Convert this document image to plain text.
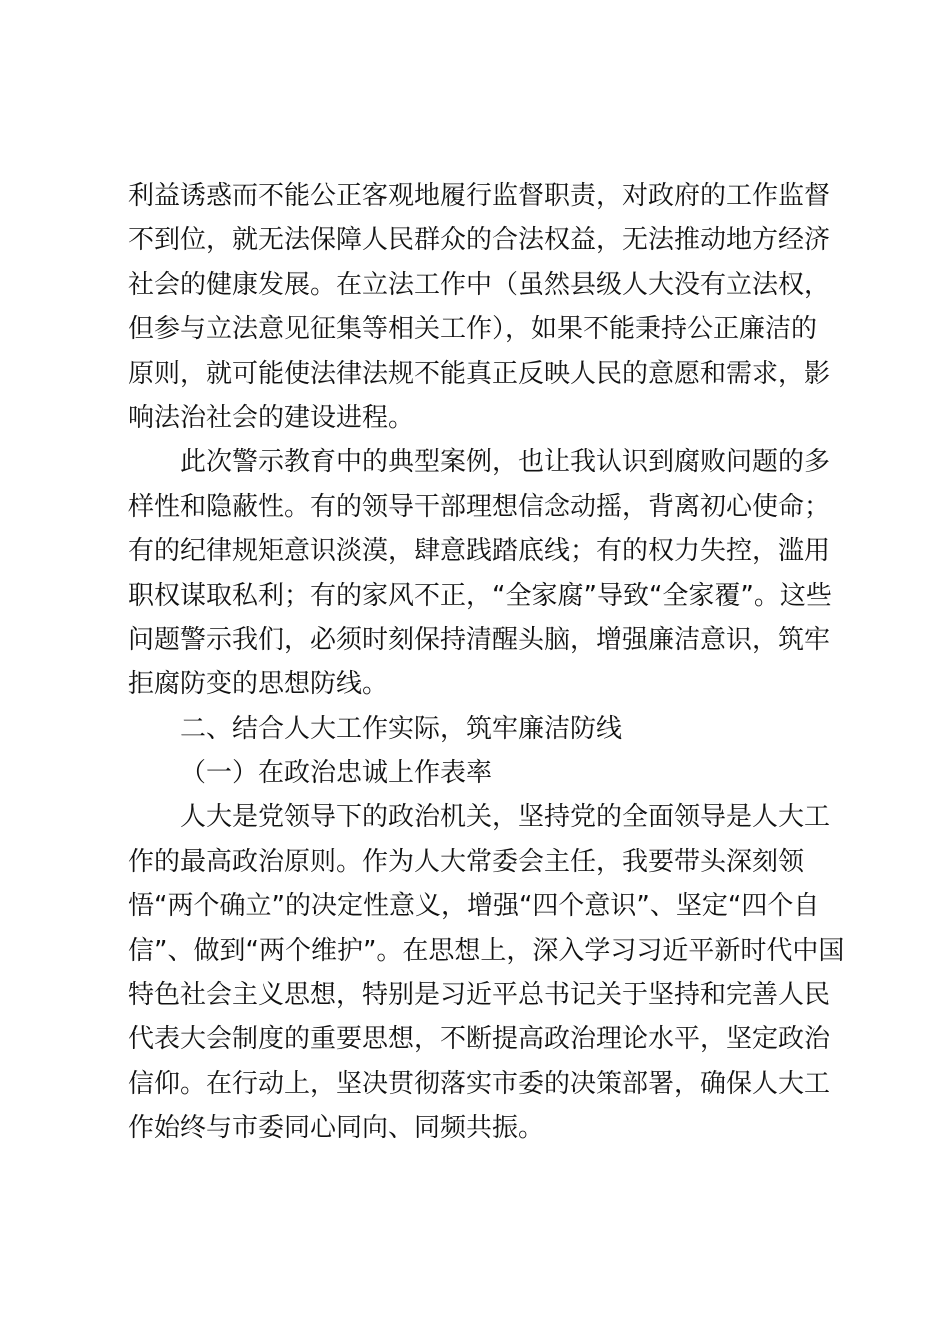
利益诱惑而不能公正客观地履行监督职责，对政府的工作监督
不到位，就无法保障人民群众的合法权益，无法推动地方经济
社会的健康发展。在立法工作中（虽然县级人大没有立法权，
但参与立法意见征集等相关工作），如果不能秉持公正廉洁的
原则，就可能使法律法规不能真正反映人民的意愿和需求，影
响法治社会的建设进程。
此次警示教育中的典型案例，也让我认识到腐败问题的多
样性和隐蔽性。有的领导干部理想信念动摇，背离初心使命；
有的纪律规矩意识淡漠，肆意践踏底线；有的权力失控，滥用
职权谋取私利；有的家风不正，“全家腐”导致“全家覆”。这些
问题警示我们，必须时刻保持清醒头脑，增强廉洁意识，筑牢
拒腐防变的思想防线。
二、结合人大工作实际，筑牢廉洁防线
（一）在政治忠诚上作表率
人大是党领导下的政治机关，坚持党的全面领导是人大工
作的最高政治原则。作为人大常委会主任，我要带头深刻领
悟“两个确立”的决定性意义，增强“四个意识”、坚定“四个自
信”、做到“两个维护”。在思想上，深入学习习近平新时代中国
特色社会主义思想，特别是习近平总书记关于坚持和完善人民
代表大会制度的重要思想，不断提高政治理论水平，坚定政治
信仰。在行动上，坚决贯彻落实市委的决策部署，确保人大工
作始终与市委同心同向、同频共振。
